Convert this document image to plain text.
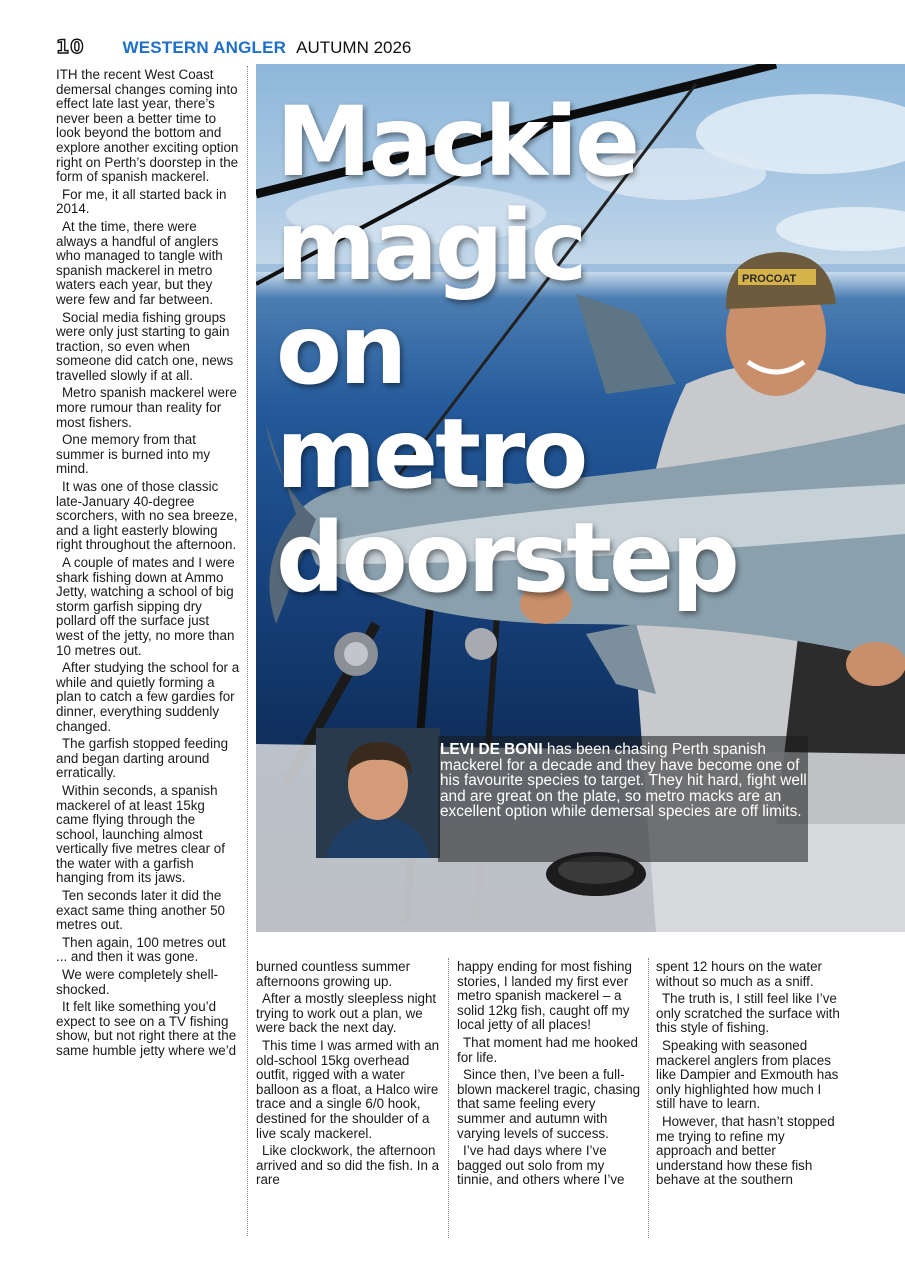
10 WESTERN ANGLER AUTUMN 2026

ITH the recent West Coast demersal changes coming into effect late last year, there’s never been a better time to look beyond the bottom and explore another exciting option right on Perth’s doorstep in the form of spanish mackerel.

For me, it all started back in 2014.

At the time, there were always a handful of anglers who managed to tangle with spanish mackerel in metro waters each year, but they were few and far between.

Social media fishing groups were only just starting to gain traction, so even when someone did catch one, news travelled slowly if at all.

Metro spanish mackerel were more rumour than reality for most fishers.

One memory from that summer is burned into my mind.

It was one of those classic late-January 40-degree scorchers, with no sea breeze, and a light easterly blowing right throughout the afternoon.

A couple of mates and I were shark fishing down at Ammo Jetty, watching a school of big storm garfish sipping dry pollard off the surface just west of the jetty, no more than 10 metres out.

After studying the school for a while and quietly forming a plan to catch a few gardies for dinner, everything suddenly changed.

The garfish stopped feeding and began darting around erratically.

Within seconds, a spanish mackerel of at least 15kg came flying through the school, launching almost vertically five metres clear of the water with a garfish hanging from its jaws.

Ten seconds later it did the exact same thing another 50 metres out.

Then again, 100 metres out ... and then it was gone.

We were completely shell-shocked.

It felt like something you’d expect to see on a TV fishing show, but not right there at the same humble jetty where we’d

PROCOAT
Mackie
magic on
metro
doorstep

LEVI DE BONI has been chasing Perth spanish mackerel for a decade and they have become one of his favourite species to target. They hit hard, fight well and are great on the plate, so metro macks are an excellent option while demersal species are off limits.

burned countless summer afternoons growing up.

After a mostly sleepless night trying to work out a plan, we were back the next day.

This time I was armed with an old-school 15kg overhead outfit, rigged with a water balloon as a float, a Halco wire trace and a single 6/0 hook, destined for the shoulder of a live scaly mackerel.

Like clockwork, the afternoon arrived and so did the fish. In a rare

happy ending for most fishing stories, I landed my first ever metro spanish mackerel – a solid 12kg fish, caught off my local jetty of all places!

That moment had me hooked for life.

Since then, I’ve been a full-blown mackerel tragic, chasing that same feeling every summer and autumn with varying levels of success.

I’ve had days where I’ve bagged out solo from my tinnie, and others where I’ve

spent 12 hours on the water without so much as a sniff.

The truth is, I still feel like I’ve only scratched the surface with this style of fishing.

Speaking with seasoned mackerel anglers from places like Dampier and Exmouth has only highlighted how much I still have to learn.

However, that hasn’t stopped me trying to refine my approach and better understand how these fish behave at the southern
